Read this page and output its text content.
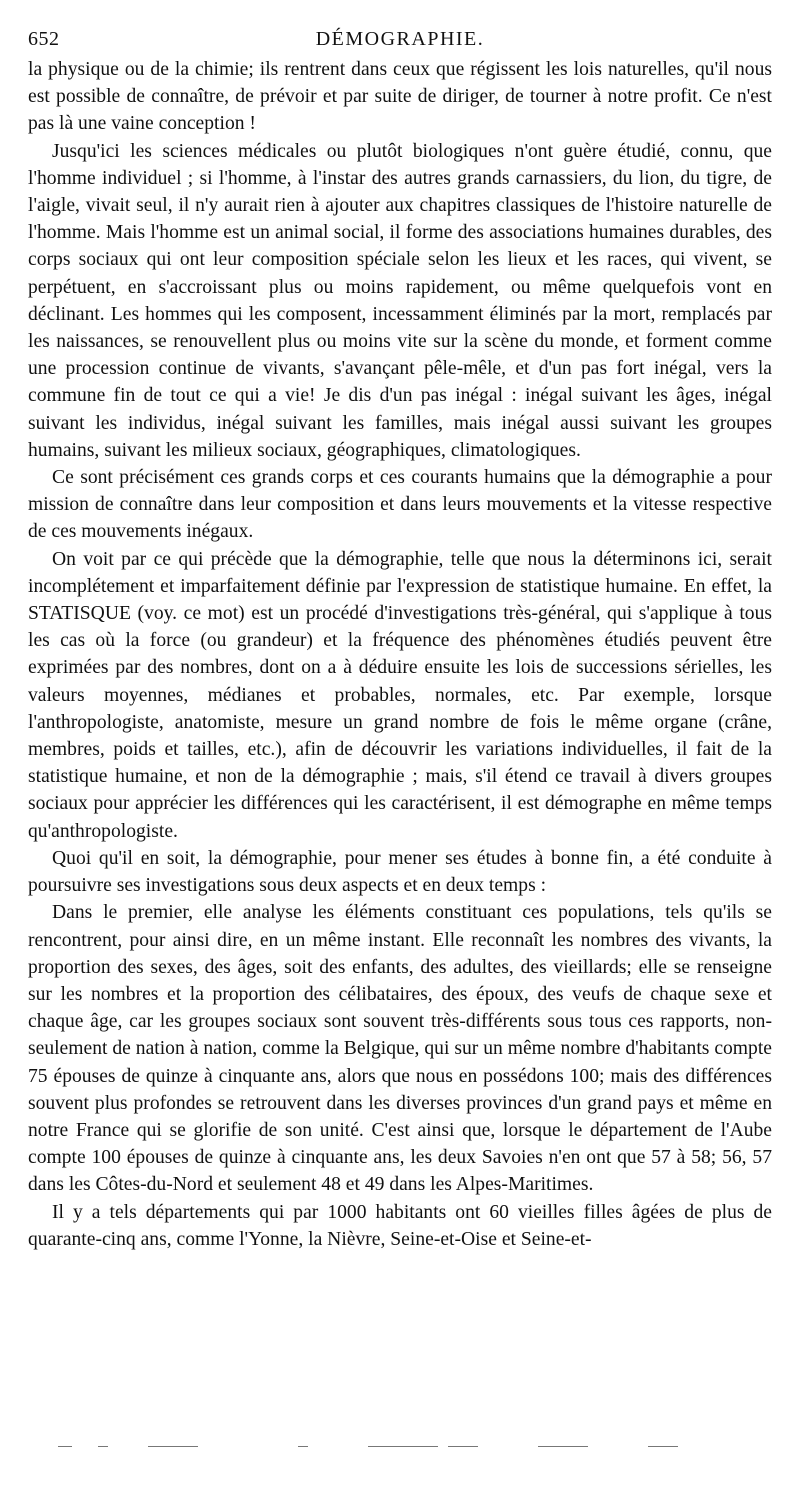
652	DÉMOGRAPHIE.

la physique ou de la chimie; ils rentrent dans ceux que régissent les lois naturelles, qu'il nous est possible de connaître, de prévoir et par suite de diriger, de tourner à notre profit. Ce n'est pas là une vaine conception !

Jusqu'ici les sciences médicales ou plutôt biologiques n'ont guère étudié, connu, que l'homme individuel ; si l'homme, à l'instar des autres grands carnassiers, du lion, du tigre, de l'aigle, vivait seul, il n'y aurait rien à ajouter aux chapitres classiques de l'histoire naturelle de l'homme. Mais l'homme est un animal social, il forme des associations humaines durables, des corps sociaux qui ont leur composition spéciale selon les lieux et les races, qui vivent, se perpétuent, en s'accroissant plus ou moins rapidement, ou même quelquefois vont en déclinant. Les hommes qui les composent, incessamment éliminés par la mort, remplacés par les naissances, se renouvellent plus ou moins vite sur la scène du monde, et forment comme une procession continue de vivants, s'avançant pêle-mêle, et d'un pas fort inégal, vers la commune fin de tout ce qui a vie! Je dis d'un pas inégal : inégal suivant les âges, inégal suivant les individus, inégal suivant les familles, mais inégal aussi suivant les groupes humains, suivant les milieux sociaux, géographiques, climatologiques.

Ce sont précisément ces grands corps et ces courants humains que la démographie a pour mission de connaître dans leur composition et dans leurs mouvements et la vitesse respective de ces mouvements inégaux.

On voit par ce qui précède que la démographie, telle que nous la déterminons ici, serait incomplétement et imparfaitement définie par l'expression de statistique humaine. En effet, la STATISQUE (voy. ce mot) est un procédé d'investigations très-général, qui s'applique à tous les cas où la force (ou grandeur) et la fréquence des phénomènes étudiés peuvent être exprimées par des nombres, dont on a à déduire ensuite les lois de successions sérielles, les valeurs moyennes, médianes et probables, normales, etc. Par exemple, lorsque l'anthropologiste, anatomiste, mesure un grand nombre de fois le même organe (crâne, membres, poids et tailles, etc.), afin de découvrir les variations individuelles, il fait de la statistique humaine, et non de la démographie ; mais, s'il étend ce travail à divers groupes sociaux pour apprécier les différences qui les caractérisent, il est démographe en même temps qu'anthropologiste.

Quoi qu'il en soit, la démographie, pour mener ses études à bonne fin, a été conduite à poursuivre ses investigations sous deux aspects et en deux temps :

Dans le premier, elle analyse les éléments constituant ces populations, tels qu'ils se rencontrent, pour ainsi dire, en un même instant. Elle reconnaît les nombres des vivants, la proportion des sexes, des âges, soit des enfants, des adultes, des vieillards; elle se renseigne sur les nombres et la proportion des célibataires, des époux, des veufs de chaque sexe et chaque âge, car les groupes sociaux sont souvent très-différents sous tous ces rapports, non-seulement de nation à nation, comme la Belgique, qui sur un même nombre d'habitants compte 75 épouses de quinze à cinquante ans, alors que nous en possédons 100; mais des différences souvent plus profondes se retrouvent dans les diverses provinces d'un grand pays et même en notre France qui se glorifie de son unité. C'est ainsi que, lorsque le département de l'Aube compte 100 épouses de quinze à cinquante ans, les deux Savoies n'en ont que 57 à 58; 56, 57 dans les Côtes-du-Nord et seulement 48 et 49 dans les Alpes-Maritimes.

Il y a tels départements qui par 1000 habitants ont 60 vieilles filles âgées de plus de quarante-cinq ans, comme l'Yonne, la Nièvre, Seine-et-Oise et Seine-et-
